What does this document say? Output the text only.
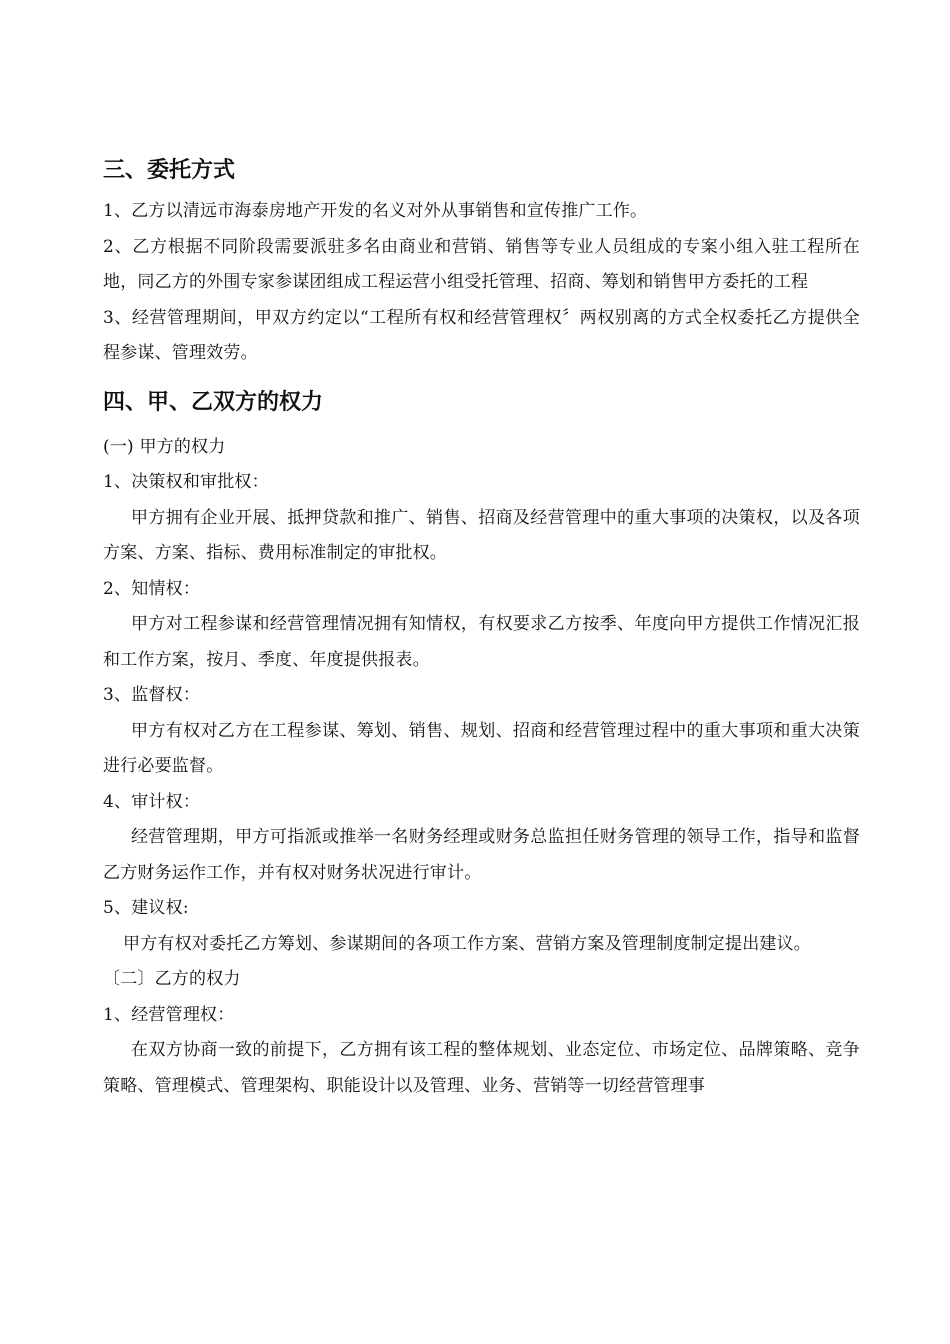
三、委托方式

1、乙方以清远市海泰房地产开发的名义对外从事销售和宣传推广工作。

2、乙方根据不同阶段需要派驻多名由商业和营销、销售等专业人员组成的专案小组入驻工程所在地，同乙方的外围专家参谋团组成工程运营小组受托管理、招商、筹划和销售甲方委托的工程

3、经营管理期间，甲双方约定以“工程所有权和经营管理权〞两权别离的方式全权委托乙方提供全程参谋、管理效劳。

四、甲、乙双方的权力

(一) 甲方的权力

1、决策权和审批权：

甲方拥有企业开展、抵押贷款和推广、销售、招商及经营管理中的重大事项的决策权，以及各项方案、方案、指标、费用标准制定的审批权。

2、知情权：

甲方对工程参谋和经营管理情况拥有知情权，有权要求乙方按季、年度向甲方提供工作情况汇报和工作方案，按月、季度、年度提供报表。

3、监督权：

甲方有权对乙方在工程参谋、筹划、销售、规划、招商和经营管理过程中的重大事项和重大决策进行必要监督。

4、审计权：

经营管理期，甲方可指派或推举一名财务经理或财务总监担任财务管理的领导工作，指导和监督乙方财务运作工作，并有权对财务状况进行审计。

5、建议权:

甲方有权对委托乙方筹划、参谋期间的各项工作方案、营销方案及管理制度制定提出建议。

〔二〕乙方的权力

1、经营管理权：

在双方协商一致的前提下，乙方拥有该工程的整体规划、业态定位、市场定位、品牌策略、竞争策略、管理模式、管理架构、职能设计以及管理、业务、营销等一切经营管理事
